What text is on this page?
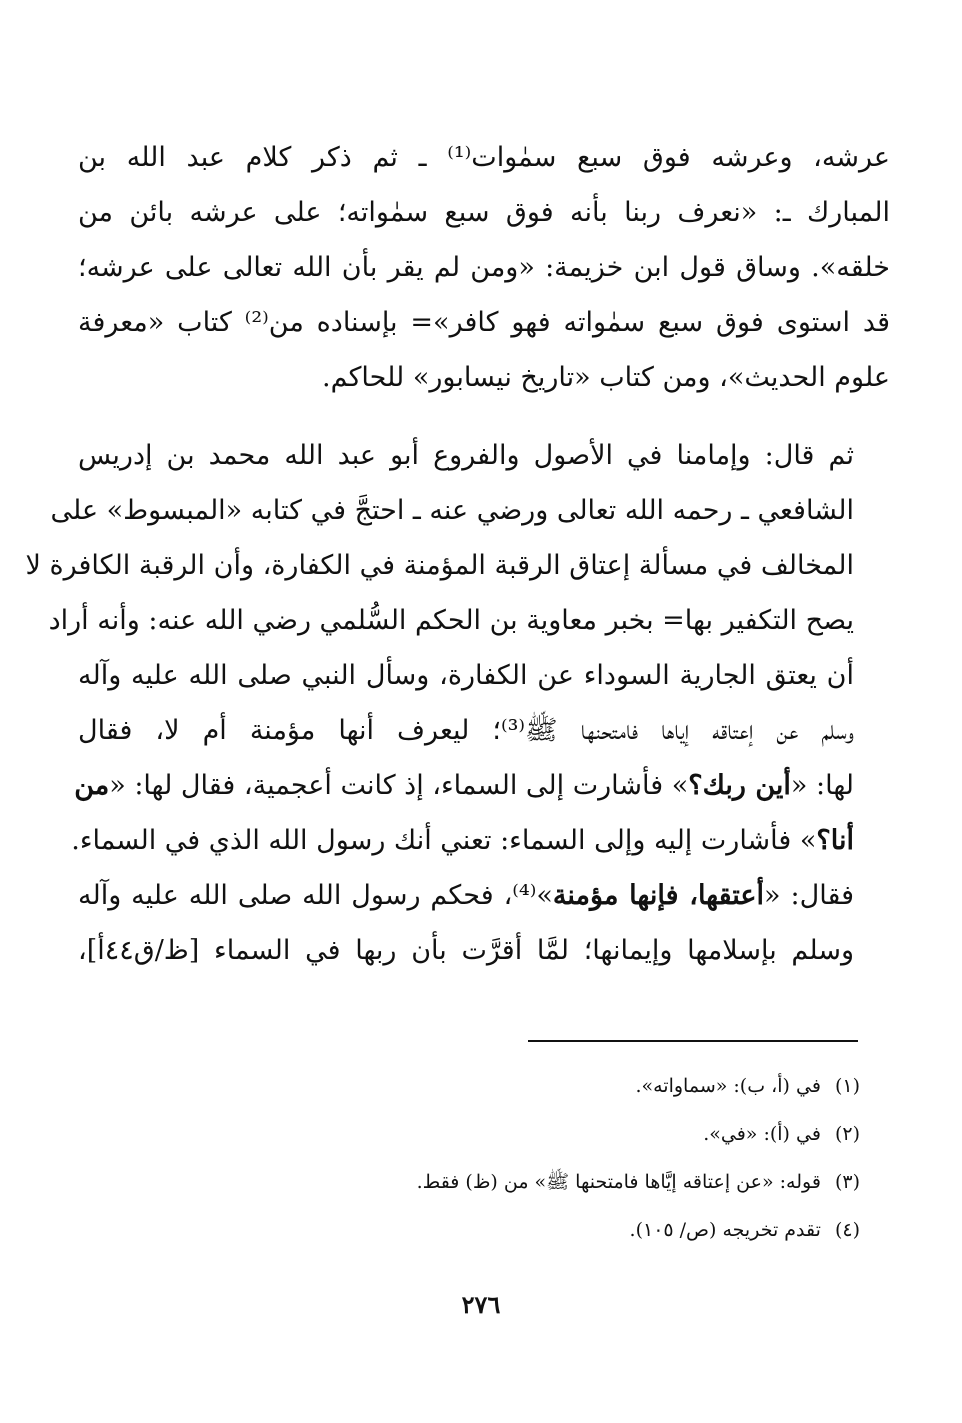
عرشه، وعرشه فوق سبع سمٰوات⁽¹⁾ ـ ثم ذكر كلام عبد الله بن
المبارك ـ: «نعرف ربنا بأنه فوق سبع سمٰواته؛ على عرشه بائن من
خلقه». وساق قول ابن خزيمة: «ومن لم يقر بأن الله تعالى على عرشه؛
قد استوى فوق سبع سمٰواته فهو كافر»= بإسناده من⁽²⁾ كتاب «معرفة
علوم الحديث»، ومن كتاب «تاريخ نيسابور» للحاكم.

ثم قال: وإمامنا في الأصول والفروع أبو عبد الله محمد بن إدريس
الشافعي ـ رحمه الله تعالى ورضي عنه ـ احتجَّ في كتابه «المبسوط» على
المخالف في مسألة إعتاق الرقبة المؤمنة في الكفارة، وأن الرقبة الكافرة لا
يصح التكفير بها= بخبر معاوية بن الحكم السُّلمي رضي الله عنه: وأنه أراد
أن يعتق الجارية السوداء عن الكفارة، وسأل النبي صلى الله عليه وآله
وسلم عن إعتاقه إياها فامتحنها ﷺ⁽³⁾؛ ليعرف أنها مؤمنة أم لا، فقال
لها: «أين ربك؟» فأشارت إلى السماء، إذ كانت أعجمية، فقال لها: «من
أنا؟» فأشارت إليه وإلى السماء: تعني أنك رسول الله الذي في السماء.
فقال: «أعتقها، فإنها مؤمنة»⁽⁴⁾، فحكم رسول الله صلى الله عليه وآله
وسلم بإسلامها وإيمانها؛ لمَّا أقرَّت بأن ربها في السماء [ظ/ق٤٤أ]،

(١)في (أ، ب): «سماواته».
(٢)في (أ): «في».
(٣)قوله: «عن إعتاقه إيَّاها فامتحنها ﷺ» من (ظ) فقط.
(٤)تقدم تخريجه (ص/ ١٠٥).
٢٧٦
